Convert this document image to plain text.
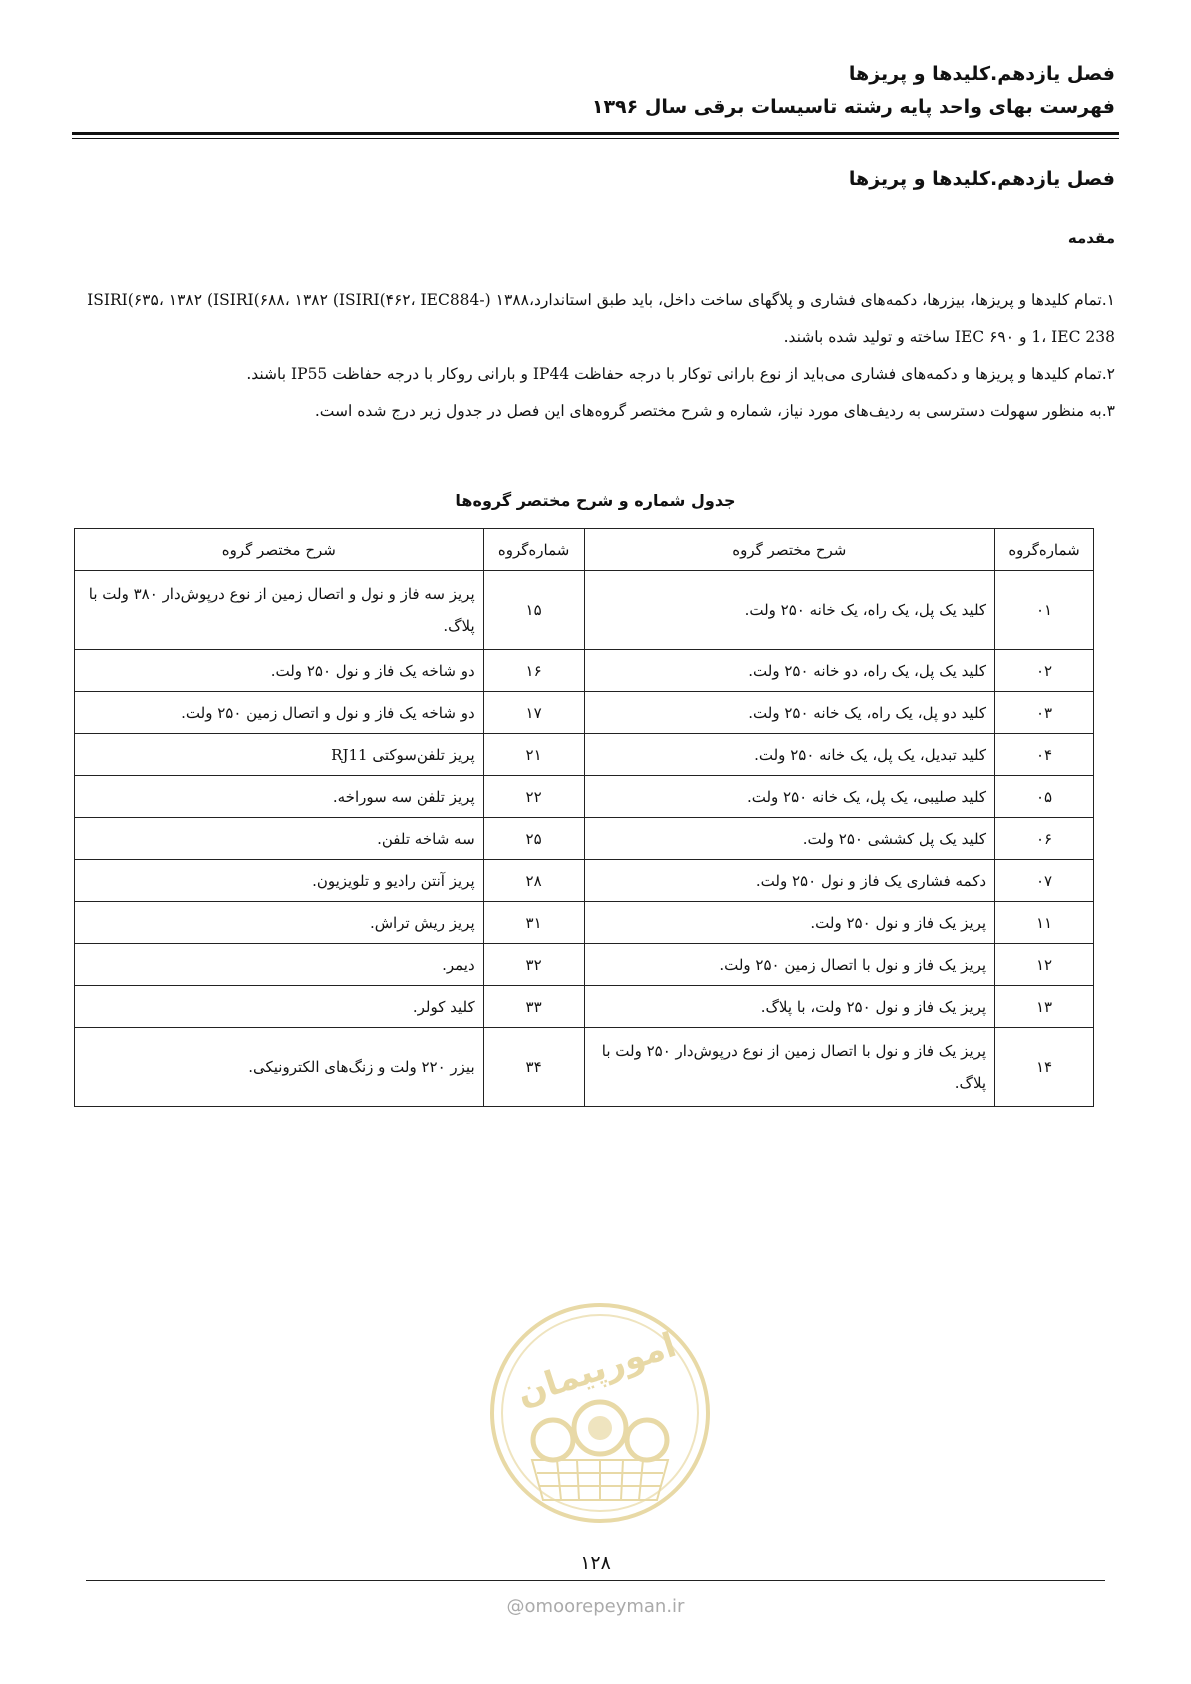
فصل یازدهم.کلیدها و پریزها
فهرست بهای واحد پایه رشته تاسیسات برقی سال ۱۳۹۶
فصل یازدهم.کلیدها و پریزها
مقدمه

۱.تمام کلیدها و پریزها، بیزرها، دکمه‌های فشاری و پلاگهای ساخت داخل، باید طبق استاندارد،۱۳۸۸ (ISIRI(۶۳۵، ۱۳۸۲ (ISIRI(۶۸۸، ۱۳۸۲ (ISIRI(۴۶۲، IEC884-1، IEC 238 و IEC ۶۹۰ ساخته و تولید شده باشند.

۲.تمام کلیدها و پریزها و دکمه‌های فشاری می‌باید از نوع بارانی توکار با درجه حفاظت IP44 و بارانی روکار با درجه حفاظت IP55 باشند.

۳.به منظور سهولت دسترسی به ردیف‌های مورد نیاز، شماره و شرح مختصر گروه‌های این فصل در جدول زیر درج شده است.

جدول شماره و شرح مختصر گروه‌ها
شماره‌گروه	شرح مختصر گروه	شماره‌گروه	شرح مختصر گروه
۰۱	کلید یک پل، یک راه، یک خانه ۲۵۰ ولت.	۱۵	پریز سه فاز و نول و اتصال زمین از نوع درپوش‌دار ۳۸۰ ولت با پلاگ.
۰۲	کلید یک پل، یک راه، دو خانه ۲۵۰ ولت.	۱۶	دو شاخه یک فاز و نول ۲۵۰ ولت.
۰۳	کلید دو پل، یک راه، یک خانه ۲۵۰ ولت.	۱۷	دو شاخه یک فاز و نول و اتصال زمین ۲۵۰ ولت.
۰۴	کلید تبدیل، یک پل، یک خانه ۲۵۰ ولت.	۲۱	پریز تلفن‌سوکتی RJ11
۰۵	کلید صلیبی، یک پل، یک خانه ۲۵۰ ولت.	۲۲	پریز تلفن سه سوراخه.
۰۶	کلید یک پل کششی ۲۵۰ ولت.	۲۵	سه شاخه تلفن.
۰۷	دکمه فشاری یک فاز و نول ۲۵۰ ولت.	۲۸	پریز آنتن رادیو و تلویزیون.
۱۱	پریز یک فاز و نول ۲۵۰ ولت.	۳۱	پریز ریش تراش.
۱۲	پریز یک فاز و نول با اتصال زمین ۲۵۰ ولت.	۳۲	دیمر.
۱۳	پریز یک فاز و نول ۲۵۰ ولت، با پلاگ.	۳۳	کلید کولر.
۱۴	پریز یک فاز و نول با اتصال زمین از نوع درپوش‌دار ۲۵۰ ولت با پلاگ.	۳۴	بیزر ۲۲۰ ولت و زنگ‌های الکترونیکی.
امورپیمان
۱۲۸
@omoorepeyman.ir
